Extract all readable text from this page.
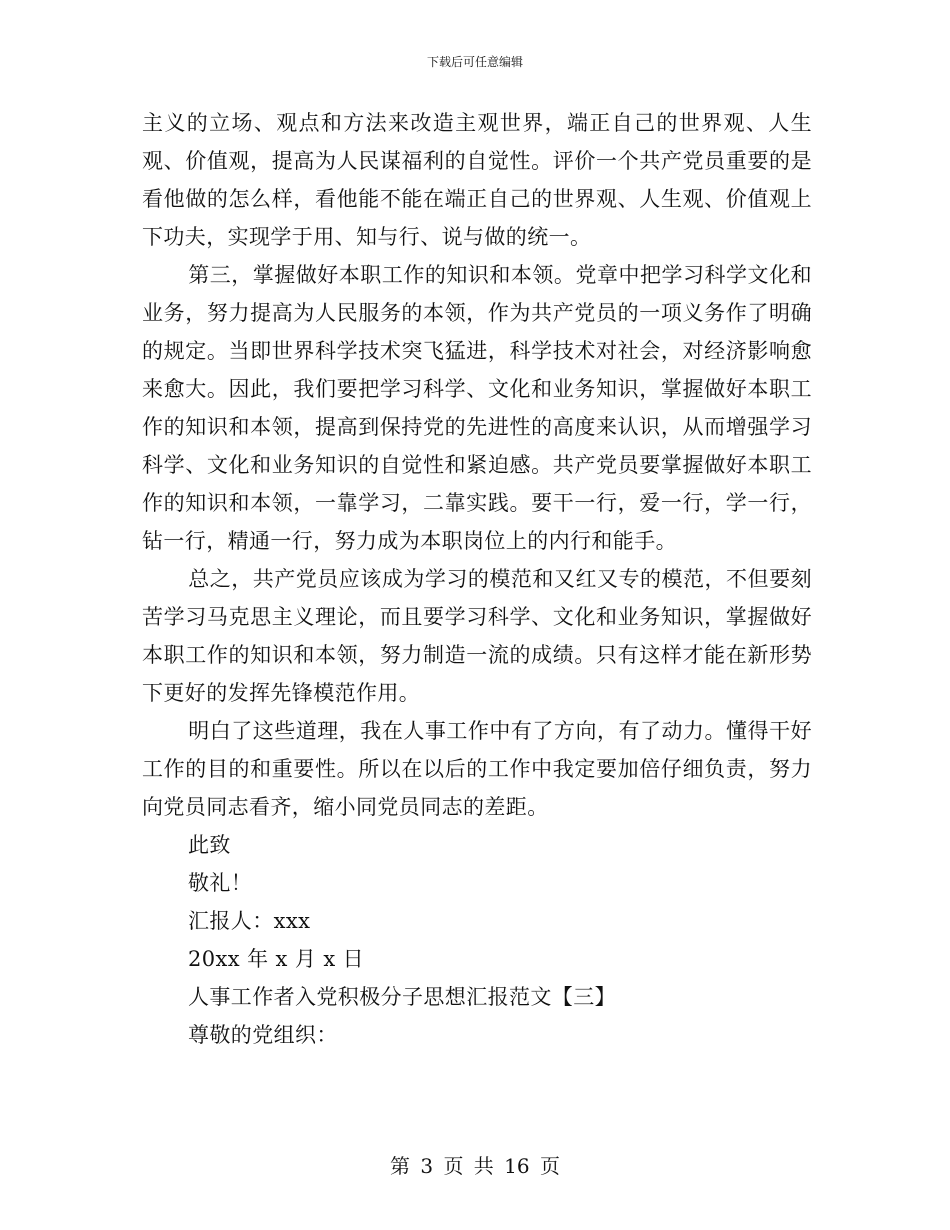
下载后可任意编辑

主义的立场、观点和方法来改造主观世界，端正自己的世界观、人生观、价值观，提高为人民谋福利的自觉性。评价一个共产党员重要的是看他做的怎么样，看他能不能在端正自己的世界观、人生观、价值观上下功夫，实现学于用、知与行、说与做的统一。

第三，掌握做好本职工作的知识和本领。党章中把学习科学文化和业务，努力提高为人民服务的本领，作为共产党员的一项义务作了明确的规定。当即世界科学技术突飞猛进，科学技术对社会，对经济影响愈来愈大。因此，我们要把学习科学、文化和业务知识，掌握做好本职工作的知识和本领，提高到保持党的先进性的高度来认识，从而增强学习科学、文化和业务知识的自觉性和紧迫感。共产党员要掌握做好本职工作的知识和本领，一靠学习，二靠实践。要干一行，爱一行，学一行，钻一行，精通一行，努力成为本职岗位上的内行和能手。

总之，共产党员应该成为学习的模范和又红又专的模范，不但要刻苦学习马克思主义理论，而且要学习科学、文化和业务知识，掌握做好本职工作的知识和本领，努力制造一流的成绩。只有这样才能在新形势下更好的发挥先锋模范作用。

明白了这些道理，我在人事工作中有了方向，有了动力。懂得干好工作的目的和重要性。所以在以后的工作中我定要加倍仔细负责，努力向党员同志看齐，缩小同党员同志的差距。

此致

敬礼！

汇报人：xxx

20xx 年 x 月 x 日

人事工作者入党积极分子思想汇报范文【三】

尊敬的党组织：

第 3 页 共 16 页
